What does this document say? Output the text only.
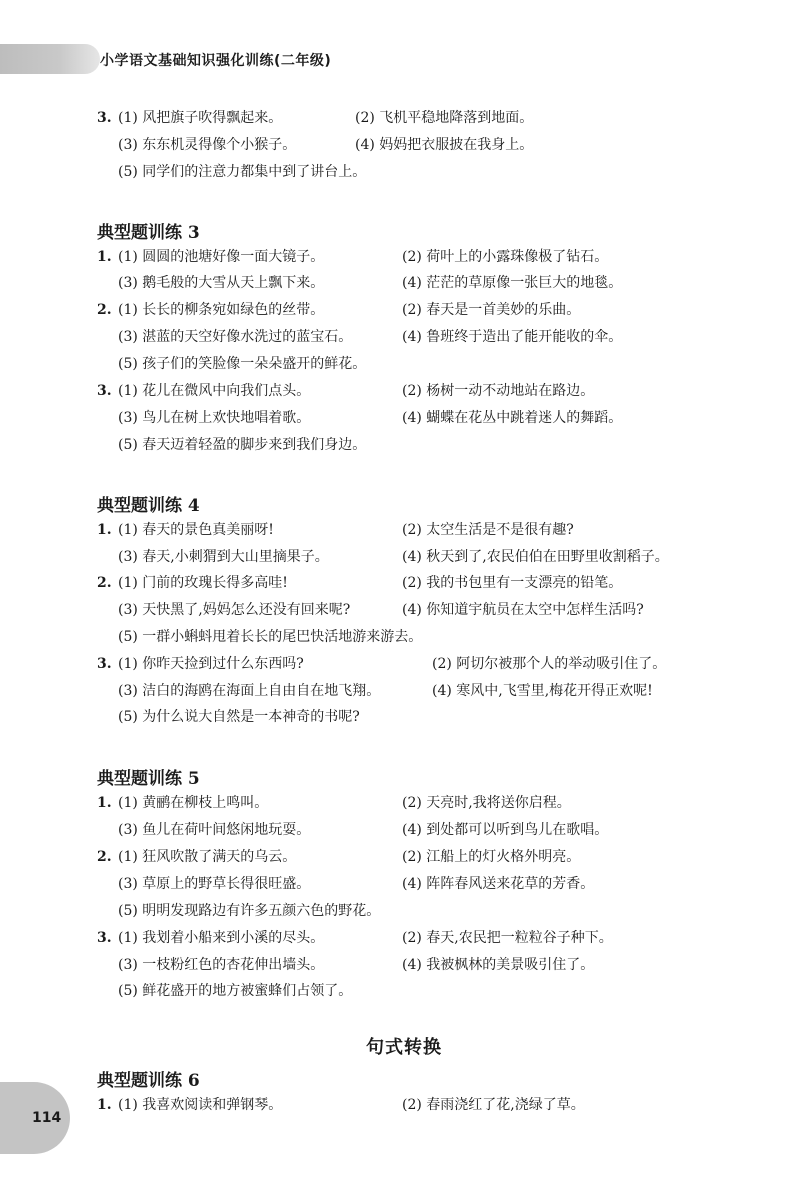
小学语文基础知识强化训练(二年级)
3. (1) 风把旗子吹得飘起来。	(2) 飞机平稳地降落到地面。
(3) 东东机灵得像个小猴子。	(4) 妈妈把衣服披在我身上。
(5) 同学们的注意力都集中到了讲台上。
1. (1) 圆圆的池塘好像一面大镜子。	(2) 荷叶上的小露珠像极了钻石。
(3) 鹅毛般的大雪从天上飘下来。	(4) 茫茫的草原像一张巨大的地毯。
2. (1) 长长的柳条宛如绿色的丝带。	(2) 春天是一首美妙的乐曲。
(3) 湛蓝的天空好像水洗过的蓝宝石。	(4) 鲁班终于造出了能开能收的伞。
(5) 孩子们的笑脸像一朵朵盛开的鲜花。
3. (1) 花儿在微风中向我们点头。	(2) 杨树一动不动地站在路边。
(3) 鸟儿在树上欢快地唱着歌。	(4) 蝴蝶在花丛中跳着迷人的舞蹈。
(5) 春天迈着轻盈的脚步来到我们身边。
1. (1) 春天的景色真美丽呀!	(2) 太空生活是不是很有趣?
(3) 春天,小刺猬到大山里摘果子。	(4) 秋天到了,农民伯伯在田野里收割稻子。
2. (1) 门前的玫瑰长得多高哇!	(2) 我的书包里有一支漂亮的铅笔。
(3) 天快黑了,妈妈怎么还没有回来呢?	(4) 你知道宇航员在太空中怎样生活吗?
(5) 一群小蝌蚪甩着长长的尾巴快活地游来游去。
3. (1) 你昨天捡到过什么东西吗?	(2) 阿切尔被那个人的举动吸引住了。
(3) 洁白的海鸥在海面上自由自在地飞翔。	(4) 寒风中,飞雪里,梅花开得正欢呢!
(5) 为什么说大自然是一本神奇的书呢?
1. (1) 黄鹂在柳枝上鸣叫。	(2) 天亮时,我将送你启程。
(3) 鱼儿在荷叶间悠闲地玩耍。	(4) 到处都可以听到鸟儿在歌唱。
2. (1) 狂风吹散了满天的乌云。	(2) 江船上的灯火格外明亮。
(3) 草原上的野草长得很旺盛。	(4) 阵阵春风送来花草的芳香。
(5) 明明发现路边有许多五颜六色的野花。
3. (1) 我划着小船来到小溪的尽头。	(2) 春天,农民把一粒粒谷子种下。
(3) 一枝粉红色的杏花伸出墙头。	(4) 我被枫林的美景吸引住了。
(5) 鲜花盛开的地方被蜜蜂们占领了。
1. (1) 我喜欢阅读和弹钢琴。	(2) 春雨浇红了花,浇绿了草。
典型题训练 3
典型题训练 4
典型题训练 5
典型题训练 6
句式转换
114
